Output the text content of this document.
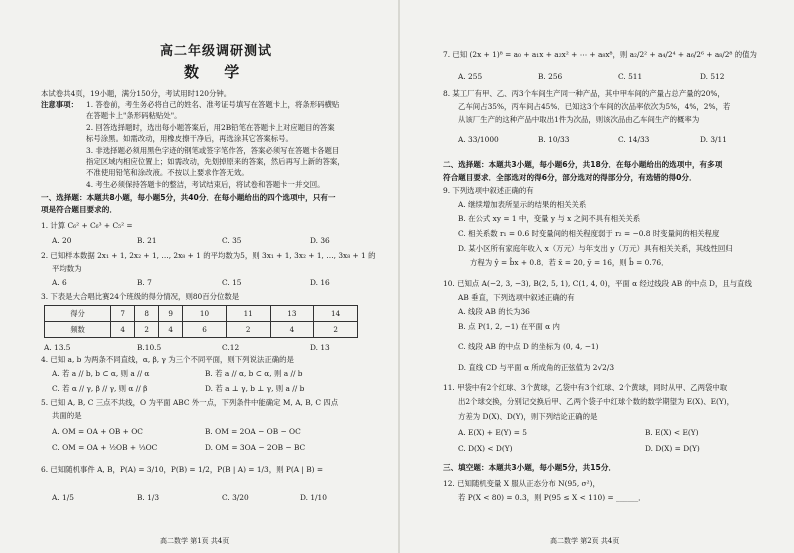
高二年级调研测试
数 学
本试卷共4页，19小题，满分150分，考试用时120分钟。
注意事项： 1. 答卷前，考生务必将自己的姓名、准考证号填写在答题卡上，将条形码横贴
在答题卡上"条形码粘贴处"。
2. 回答选择题时，选出每小题答案后，用2B铅笔在答题卡上对应题目的答案
标号涂黑。如需改动，用橡皮擦干净后，再选涂其它答案标号。
3. 非选择题必须用黑色字迹的钢笔或签字笔作答，答案必须写在答题卡各题目
指定区域内相应位置上；如需改动，先划掉原来的答案，然后再写上新的答案，
不准使用铅笔和涂改液。不按以上要求作答无效。
4. 考生必须保持答题卡的整洁，考试结束后，将试卷和答题卡一并交回。
一、选择题：本题共8小题，每小题5分，共40分．在每小题给出的四个选项中，只有一
项是符合题目要求的．
1. 计算 C₆² + C₆³ + C₅² =
A. 20	B. 21	C. 35	D. 36
2. 已知样本数据 2x₁ + 1, 2x₂ + 1, …, 2x₈ + 1 的平均数为5，则 3x₁ + 1, 3x₂ + 1, …, 3x₈ + 1 的
平均数为
A. 6	B. 7	C. 15	D. 16
3. 下表是大合唱比赛24个班级的得分情况，则80百分位数是
得分	7	8	9	10	11	13	14
频数	4	2	4	6	2	4	2
A. 13.5	B.10.5	C.12	D. 13
4. 已知 a, b 为两条不同直线，α, β, γ 为三个不同平面，则下列说法正确的是
A. 若 a // b, b ⊂ α, 则 a // α	B. 若 a // α, b ⊂ α, 则 a // b
C. 若 α // γ, β // γ, 则 α // β	D. 若 a ⊥ γ, b ⊥ γ, 则 a // b
5. 已知 A, B, C 三点不共线，O 为平面 ABC 外一点，下列条件中能确定 M, A, B, C 四点
共面的是
A. OM = OA + OB + OC	B. OM = 2OA − OB − OC
C. OM = OA + ½OB + ⅓OC	D. OM = 3OA − 2OB − BC
6. 已知随机事件 A, B，P(A) = 3/10，P(B) = 1/2，P(B | A) = 1/3，则 P(A | B) =
A. 1/5	B. 1/3	C. 3/20	D. 1/10
高二数学 第1页 共4页
7. 已知 (2x + 1)⁸ = a₀ + a₁x + a₂x² + ⋯ + a₈x⁸，则 a₂/2² + a₄/2⁴ + a₆/2⁶ + a₈/2⁸ 的值为
A. 255	B. 256	C. 511	D. 512
8. 某工厂有甲、乙、丙3个车间生产同一种产品，其中甲车间的产量占总产量的20%，
乙车间占35%，丙车间占45%．已知这3个车间的次品率依次为5%，4%，2%，若
从该厂生产的这种产品中取出1件为次品，则该次品由乙车间生产的概率为
A. 33/1000	B. 10/33	C. 14/33	D. 3/11
二、选择题：本题共3小题，每小题6分，共18分．在每小题给出的选项中，有多项
符合题目要求．全部选对的得6分，部分选对的得部分分，有选错的得0分．
9. 下列选项中叙述正确的有
A. 继续增加表所显示的结果的相关关系
B. 在公式 xy = 1 中，变量 y 与 x 之间不具有相关关系
C. 相关系数 r₁ = 0.6 时变量间的相关程度弱于 r₂ = −0.8 时变量间的相关程度
D. 某小区所有家庭年收入 x（万元）与年支出 y（万元）具有相关关系，其线性回归
方程为 ŷ = b̂x + 0.8．若 x̄ = 20, ȳ = 16，则 b̂ = 0.76．
10. 已知点 A(−2, 3, −3), B(2, 5, 1), C(1, 4, 0)，平面 α 经过线段 AB 的中点 D，且与直线
AB 垂直，下列选项中叙述正确的有
A. 线段 AB 的长为36
B. 点 P(1, 2, −1) 在平面 α 内
C. 线段 AB 的中点 D 的坐标为 (0, 4, −1)
D. 直线 CD 与平面 α 所成角的正弦值为 2√2/3
11. 甲袋中有2个红球、3个黄球，乙袋中有3个红球、2个黄球，同时从甲、乙两袋中取
出2个球交换，分别记交换后甲、乙两个袋子中红球个数的数学期望为 E(X)、E(Y)，
方差为 D(X)、D(Y)，则下列结论正确的是
A. E(X) + E(Y) = 5	B. E(X) < E(Y)
C. D(X) < D(Y)	D. D(X) = D(Y)
三、填空题：本题共3小题，每小题5分，共15分．
12. 已知随机变量 X 服从正态分布 N(95, σ²)，
若 P(X < 80) = 0.3，则 P(95 ≤ X < 110) = ______．
高二数学 第2页 共4页
